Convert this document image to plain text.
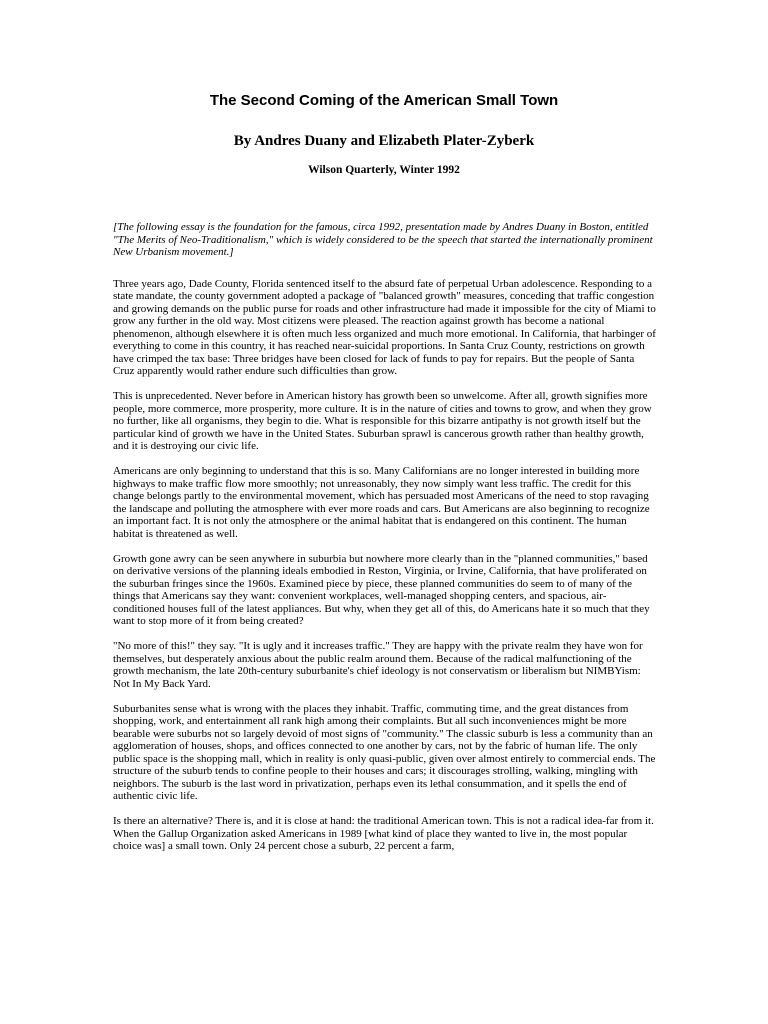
The Second Coming of the American Small Town
By Andres Duany and Elizabeth Plater-Zyberk
Wilson Quarterly, Winter 1992

[The following essay is the foundation for the famous, circa 1992, presentation made by Andres Duany in Boston, entitled "The Merits of Neo-Traditionalism," which is widely considered to be the speech that started the internationally prominent New Urbanism movement.]

Three years ago, Dade County, Florida sentenced itself to the absurd fate of perpetual Urban adolescence. Responding to a state mandate, the county government adopted a package of "balanced growth" measures, conceding that traffic congestion and growing demands on the public purse for roads and other infrastructure had made it impossible for the city of Miami to grow any further in the old way. Most citizens were pleased. The reaction against growth has become a national phenomenon, although elsewhere it is often much less organized and much more emotional. In California, that harbinger of everything to come in this country, it has reached near-suicidal proportions. In Santa Cruz County, restrictions on growth have crimped the tax base: Three bridges have been closed for lack of funds to pay for repairs. But the people of Santa Cruz apparently would rather endure such difficulties than grow.

This is unprecedented. Never before in American history has growth been so unwelcome. After all, growth signifies more people, more commerce, more prosperity, more culture. It is in the nature of cities and towns to grow, and when they grow no further, like all organisms, they begin to die. What is responsible for this bizarre antipathy is not growth itself but the particular kind of growth we have in the United States. Suburban sprawl is cancerous growth rather than healthy growth, and it is destroying our civic life.

Americans are only beginning to understand that this is so. Many Californians are no longer interested in building more highways to make traffic flow more smoothly; not unreasonably, they now simply want less traffic. The credit for this change belongs partly to the environmental movement, which has persuaded most Americans of the need to stop ravaging the landscape and polluting the atmosphere with ever more roads and cars. But Americans are also beginning to recognize an important fact. It is not only the atmosphere or the animal habitat that is endangered on this continent. The human habitat is threatened as well.

Growth gone awry can be seen anywhere in suburbia but nowhere more clearly than in the "planned communities," based on derivative versions of the planning ideals embodied in Reston, Virginia, or Irvine, California, that have proliferated on the suburban fringes since the 1960s. Examined piece by piece, these planned communities do seem to of many of the things that Americans say they want: convenient workplaces, well-managed shopping centers, and spacious, air-conditioned houses full of the latest appliances. But why, when they get all of this, do Americans hate it so much that they want to stop more of it from being created?

"No more of this!" they say. "It is ugly and it increases traffic." They are happy with the private realm they have won for themselves, but desperately anxious about the public realm around them. Because of the radical malfunctioning of the growth mechanism, the late 20th-century suburbanite's chief ideology is not conservatism or liberalism but NIMBYism: Not In My Back Yard.

Suburbanites sense what is wrong with the places they inhabit. Traffic, commuting time, and the great distances from shopping, work, and entertainment all rank high among their complaints. But all such inconveniences might be more bearable were suburbs not so largely devoid of most signs of "community." The classic suburb is less a community than an agglomeration of houses, shops, and offices connected to one another by cars, not by the fabric of human life. The only public space is the shopping mall, which in reality is only quasi-public, given over almost entirely to commercial ends. The structure of the suburb tends to confine people to their houses and cars; it discourages strolling, walking, mingling with neighbors. The suburb is the last word in privatization, perhaps even its lethal consummation, and it spells the end of authentic civic life.

Is there an alternative? There is, and it is close at hand: the traditional American town. This is not a radical idea-far from it. When the Gallup Organization asked Americans in 1989 [what kind of place they wanted to live in, the most popular choice was] a small town. Only 24 percent chose a suburb, 22 percent a farm,
